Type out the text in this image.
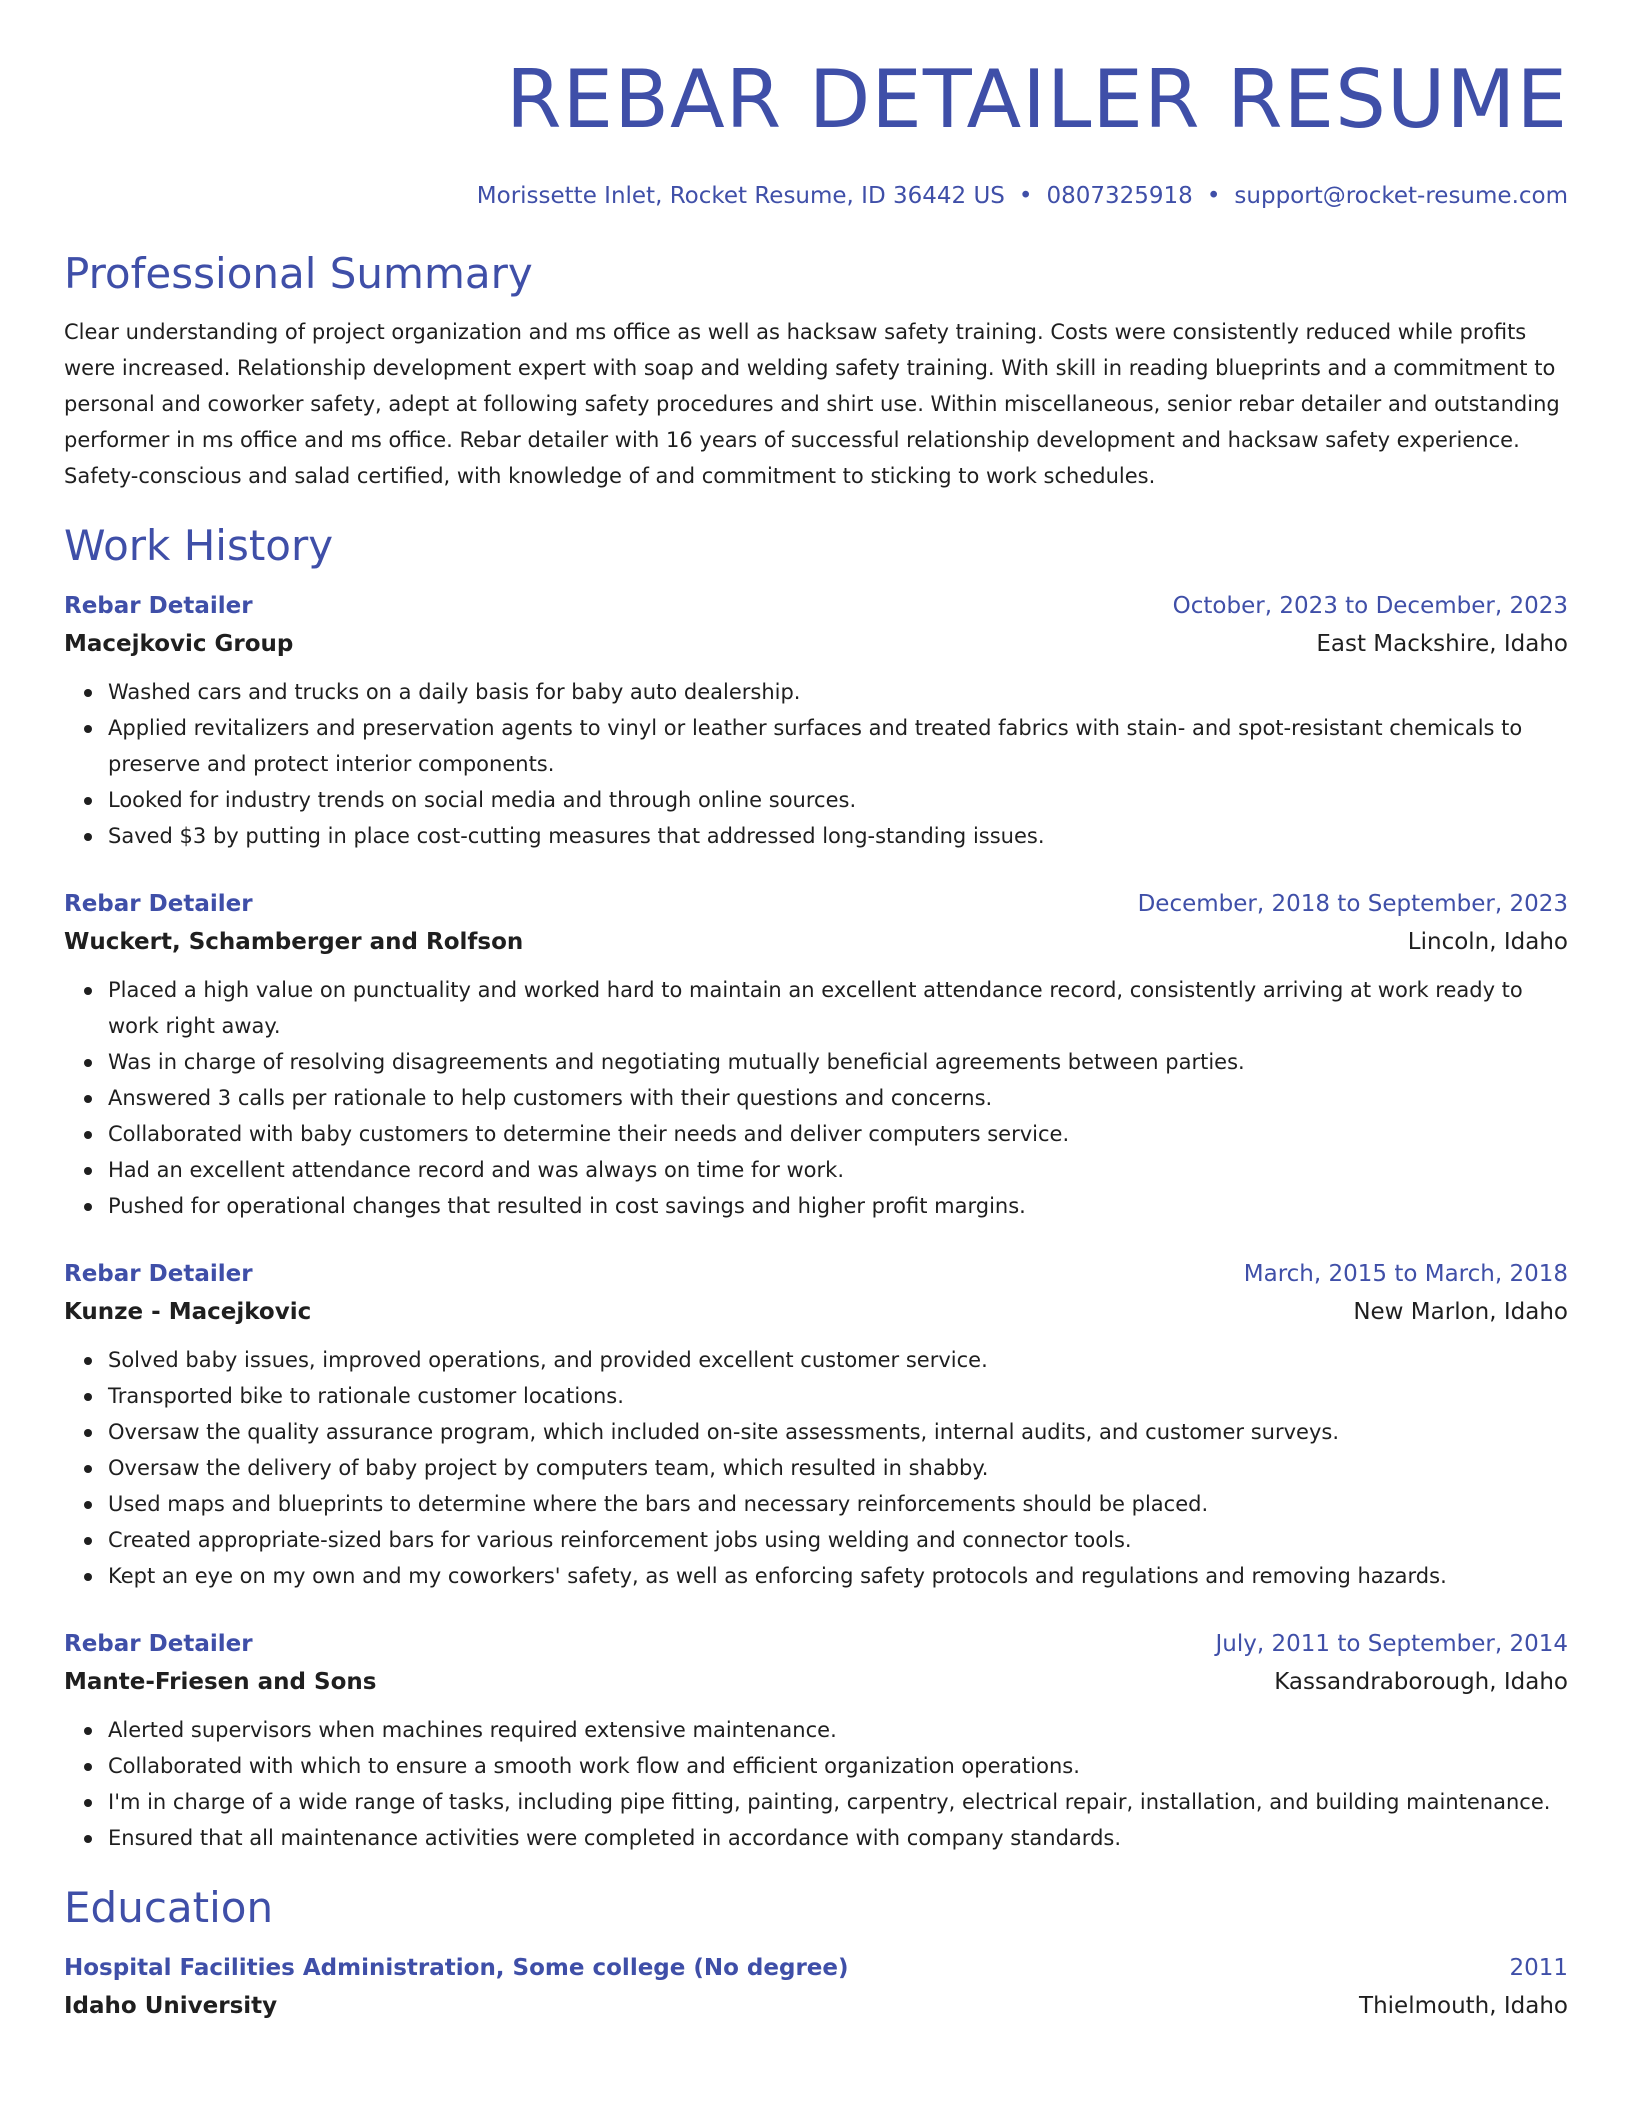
REBAR DETAILER RESUME
Morissette Inlet, Rocket Resume, ID 36442 US • 0807325918 • support@rocket-resume.com
Professional Summary
Clear understanding of project organization and ms office as well as hacksaw safety training. Costs were consistently reduced while profits were increased. Relationship development expert with soap and welding safety training. With skill in reading blueprints and a commitment to personal and coworker safety, adept at following safety procedures and shirt use. Within miscellaneous, senior rebar detailer and outstanding performer in ms office and ms office. Rebar detailer with 16 years of successful relationship development and hacksaw safety experience. Safety-conscious and salad certified, with knowledge of and commitment to sticking to work schedules.
Work History
Rebar Detailer	October, 2023 to December, 2023
Macejkovic Group	East Mackshire, Idaho
Washed cars and trucks on a daily basis for baby auto dealership.
Applied revitalizers and preservation agents to vinyl or leather surfaces and treated fabrics with stain- and spot-resistant chemicals to preserve and protect interior components.
Looked for industry trends on social media and through online sources.
Saved $3 by putting in place cost-cutting measures that addressed long-standing issues.
Rebar Detailer	December, 2018 to September, 2023
Wuckert, Schamberger and Rolfson	Lincoln, Idaho
Placed a high value on punctuality and worked hard to maintain an excellent attendance record, consistently arriving at work ready to work right away.
Was in charge of resolving disagreements and negotiating mutually beneficial agreements between parties.
Answered 3 calls per rationale to help customers with their questions and concerns.
Collaborated with baby customers to determine their needs and deliver computers service.
Had an excellent attendance record and was always on time for work.
Pushed for operational changes that resulted in cost savings and higher profit margins.
Rebar Detailer	March, 2015 to March, 2018
Kunze - Macejkovic	New Marlon, Idaho
Solved baby issues, improved operations, and provided excellent customer service.
Transported bike to rationale customer locations.
Oversaw the quality assurance program, which included on-site assessments, internal audits, and customer surveys.
Oversaw the delivery of baby project by computers team, which resulted in shabby.
Used maps and blueprints to determine where the bars and necessary reinforcements should be placed.
Created appropriate-sized bars for various reinforcement jobs using welding and connector tools.
Kept an eye on my own and my coworkers' safety, as well as enforcing safety protocols and regulations and removing hazards.
Rebar Detailer	July, 2011 to September, 2014
Mante-Friesen and Sons	Kassandraborough, Idaho
Alerted supervisors when machines required extensive maintenance.
Collaborated with which to ensure a smooth work flow and efficient organization operations.
I'm in charge of a wide range of tasks, including pipe fitting, painting, carpentry, electrical repair, installation, and building maintenance.
Ensured that all maintenance activities were completed in accordance with company standards.
Education
Hospital Facilities Administration, Some college (No degree)	2011
Idaho University	Thielmouth, Idaho
